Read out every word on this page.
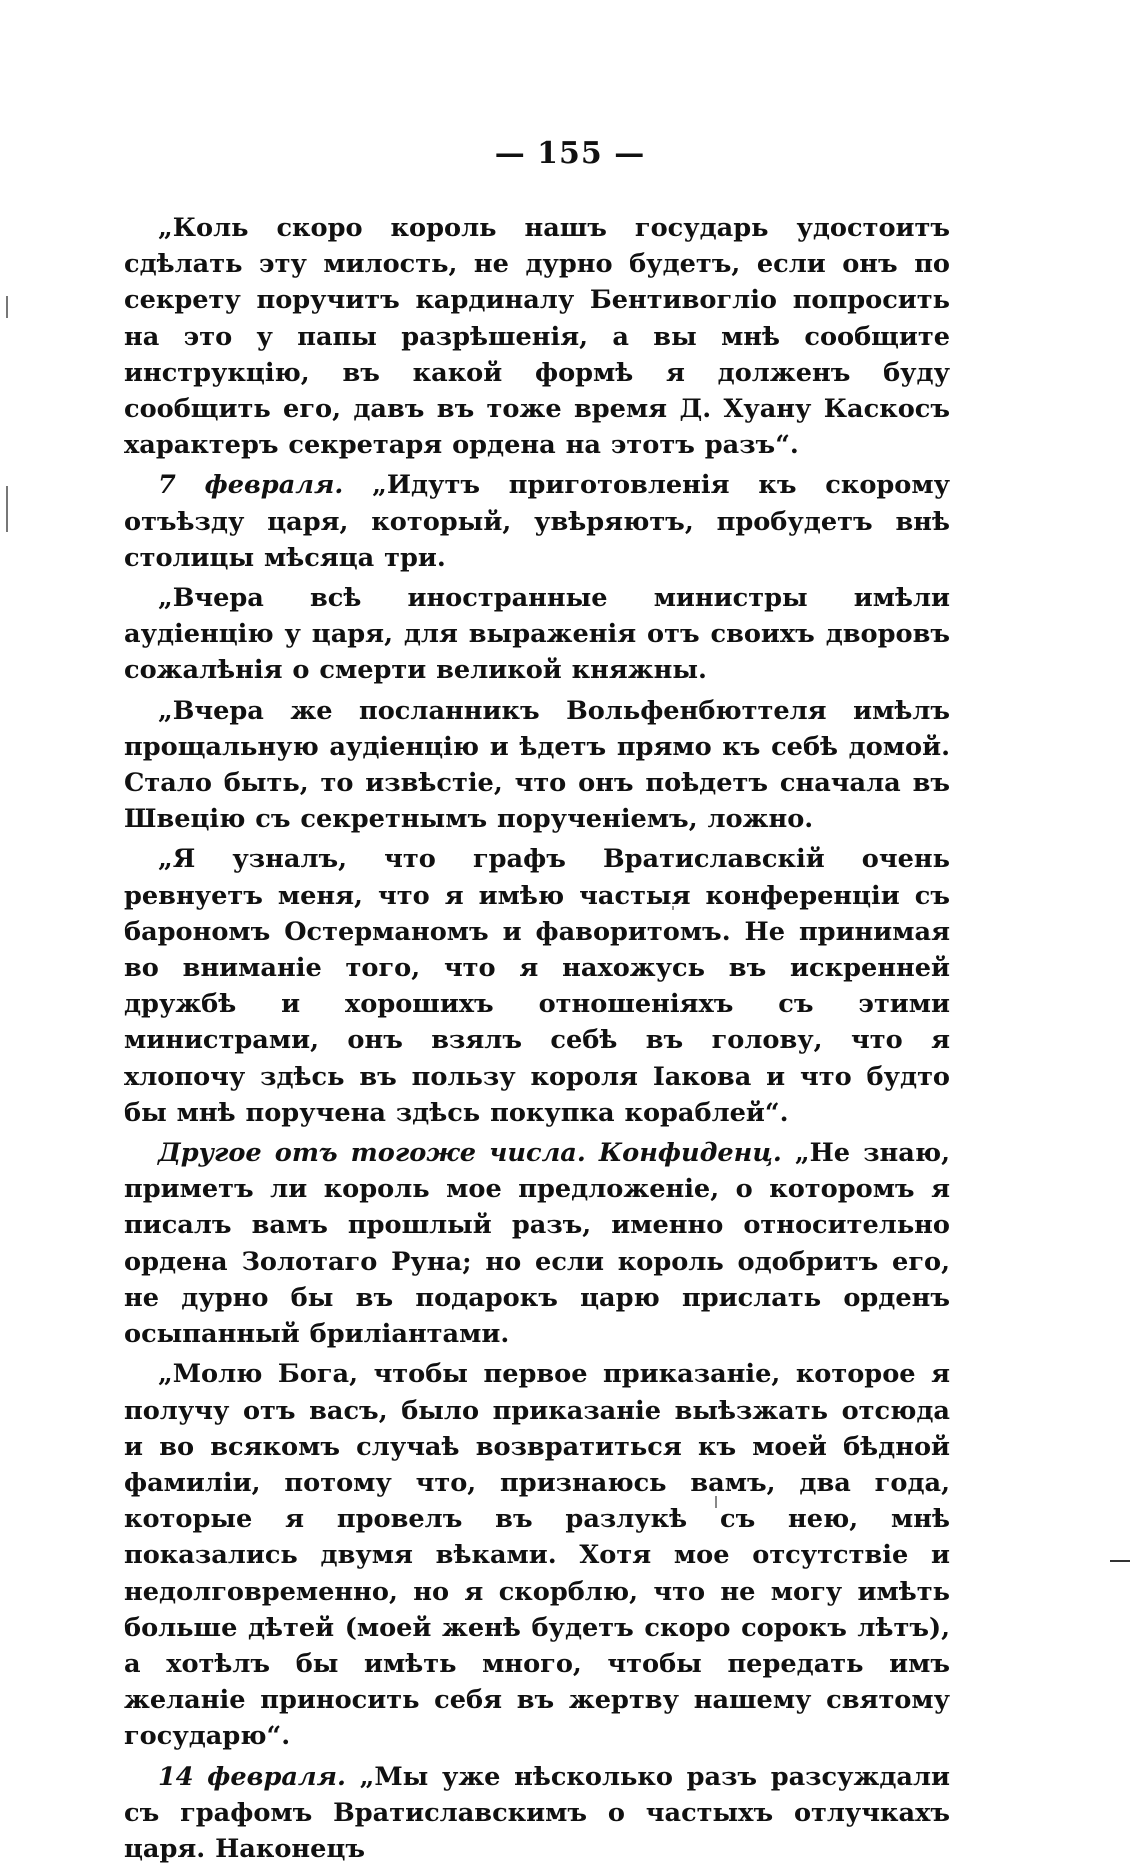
— 155 —

„Коль скоро король нашъ государь удостоитъ сдѣлать эту милость, не дурно будетъ, если онъ по секрету поручитъ кардиналу Бентивогліо попросить на это у папы разрѣшенія, а вы мнѣ сообщите инструкцію, въ какой формѣ я долженъ буду сообщить его, давъ въ тоже время Д. Хуану Каскосъ характеръ секретаря ордена на этотъ разъ“.

7 февраля. „Идутъ приготовленія къ скорому отъѣзду царя, который, увѣряютъ, пробудетъ внѣ столицы мѣсяца три.

„Вчера всѣ иностранные министры имѣли аудіенцію у царя, для выраженія отъ своихъ дворовъ сожалѣнія о смерти великой княжны.

„Вчера же посланникъ Вольфенбюттеля имѣлъ прощальную аудіенцію и ѣдетъ прямо къ себѣ домой. Стало быть, то извѣстіе, что онъ поѣдетъ сначала въ Швецію съ секретнымъ порученіемъ, ложно.

„Я узналъ, что графъ Вратиславскій очень ревнуетъ меня, что я имѣю частыя конференціи съ барономъ Остерманомъ и фаворитомъ. Не принимая во вниманіе того, что я нахожусь въ искренней дружбѣ и хорошихъ отношеніяхъ съ этими министрами, онъ взялъ себѣ въ голову, что я хлопочу здѣсь въ пользу короля Іакова и что будто бы мнѣ поручена здѣсь покупка кораблей“.

Другое отъ тогоже числа. Конфиденц. „Не знаю, приметъ ли король мое предложеніе, о которомъ я писалъ вамъ прошлый разъ, именно относительно ордена Золотаго Руна; но если король одобритъ его, не дурно бы въ подарокъ царю прислать орденъ осыпанный бриліантами.

„Молю Бога, чтобы первое приказаніе, которое я получу отъ васъ, было приказаніе выѣзжать отсюда и во всякомъ случаѣ возвратиться къ моей бѣдной фамиліи, потому что, признаюсь вамъ, два года, которые я провелъ въ разлукѣ съ нею, мнѣ показались двумя вѣками. Хотя мое отсутствіе и недолговременно, но я скорблю, что не могу имѣть больше дѣтей (моей женѣ будетъ скоро сорокъ лѣтъ), а хотѣлъ бы имѣть много, чтобы передать имъ желаніе приносить себя въ жертву нашему святому государю“.

14 февраля. „Мы уже нѣсколько разъ разсуждали съ графомъ Вратиславскимъ о частыхъ отлучкахъ царя. Наконецъ
